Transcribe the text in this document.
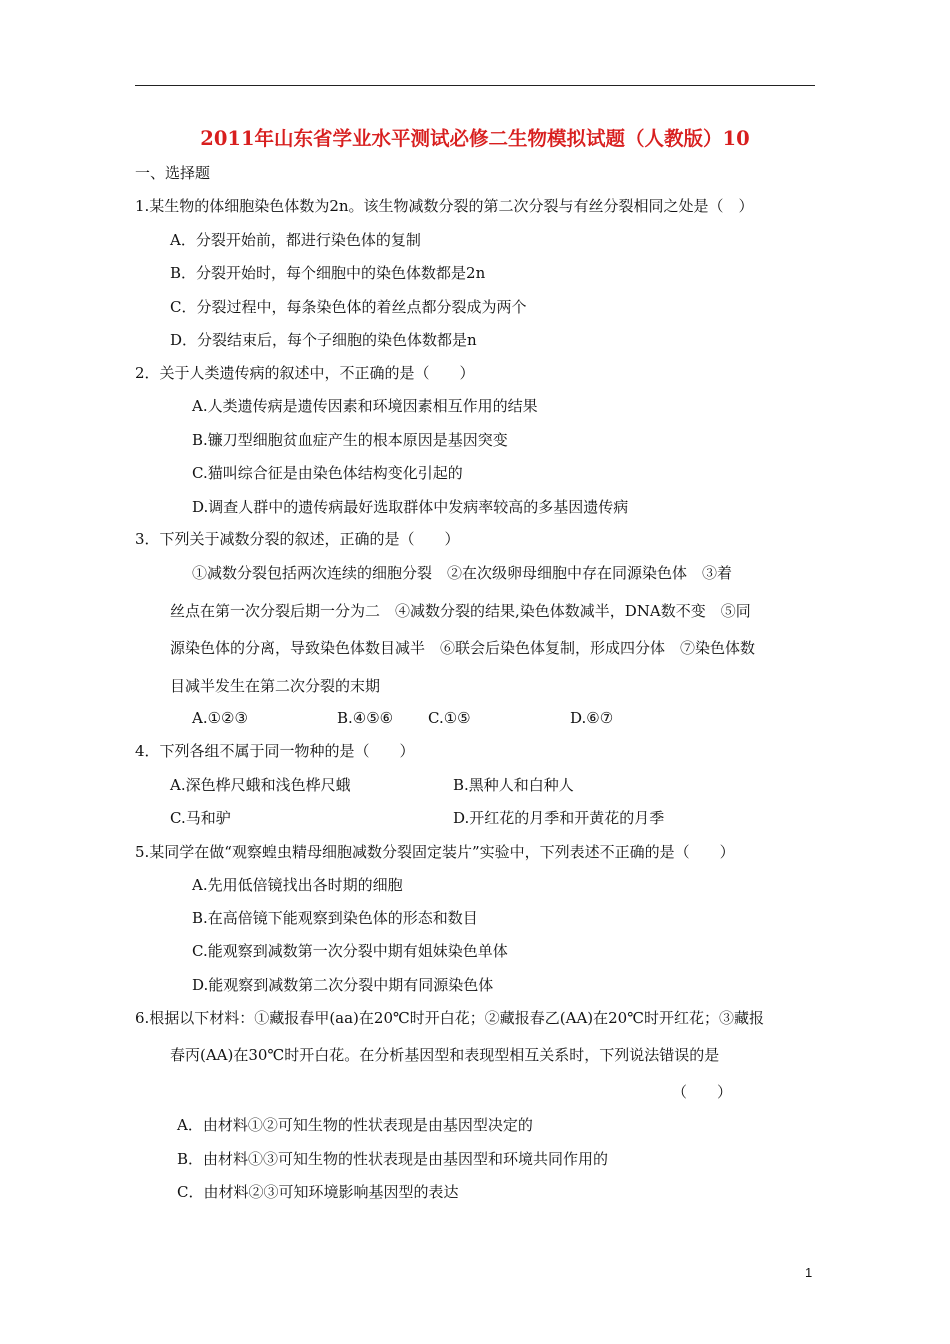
2011年山东省学业水平测试必修二生物模拟试题（人教版）10
一、选择题
1.某生物的体细胞染色体数为2n。该生物减数分裂的第二次分裂与有丝分裂相同之处是（　）
A．分裂开始前，都进行染色体的复制
B．分裂开始时，每个细胞中的染色体数都是2n
C．分裂过程中，每条染色体的着丝点都分裂成为两个
D．分裂结束后，每个子细胞的染色体数都是n
2．关于人类遗传病的叙述中，不正确的是（　　）
A.人类遗传病是遗传因素和环境因素相互作用的结果
B.镰刀型细胞贫血症产生的根本原因是基因突变
C.猫叫综合征是由染色体结构变化引起的
D.调查人群中的遗传病最好选取群体中发病率较高的多基因遗传病
3．下列关于减数分裂的叙述，正确的是（　　）
①减数分裂包括两次连续的细胞分裂　②在次级卵母细胞中存在同源染色体　③着
丝点在第一次分裂后期一分为二　④减数分裂的结果,染色体数减半，DNA数不变　⑤同
源染色体的分离，导致染色体数目减半　⑥联会后染色体复制，形成四分体　⑦染色体数
目减半发生在第二次分裂的末期
A.①②③	B.④⑤⑥ C.①⑤	D.⑥⑦
4．下列各组不属于同一物种的是（　　）
A.深色桦尺蛾和浅色桦尺蛾	B.黑种人和白种人
C.马和驴	D.开红花的月季和开黄花的月季
5.某同学在做“观察蝗虫精母细胞减数分裂固定装片”实验中，下列表述不正确的是（　　）
A.先用低倍镜找出各时期的细胞
B.在高倍镜下能观察到染色体的形态和数目
C.能观察到减数第一次分裂中期有姐妹染色单体
D.能观察到减数第二次分裂中期有同源染色体
6.根据以下材料：①藏报春甲(aa)在20℃时开白花；②藏报春乙(AA)在20℃时开红花；③藏报
春丙(AA)在30℃时开白花。在分析基因型和表现型相互关系时，下列说法错误的是
（　　）
A．由材料①②可知生物的性状表现是由基因型决定的
B．由材料①③可知生物的性状表现是由基因型和环境共同作用的
C．由材料②③可知环境影响基因型的表达
1
